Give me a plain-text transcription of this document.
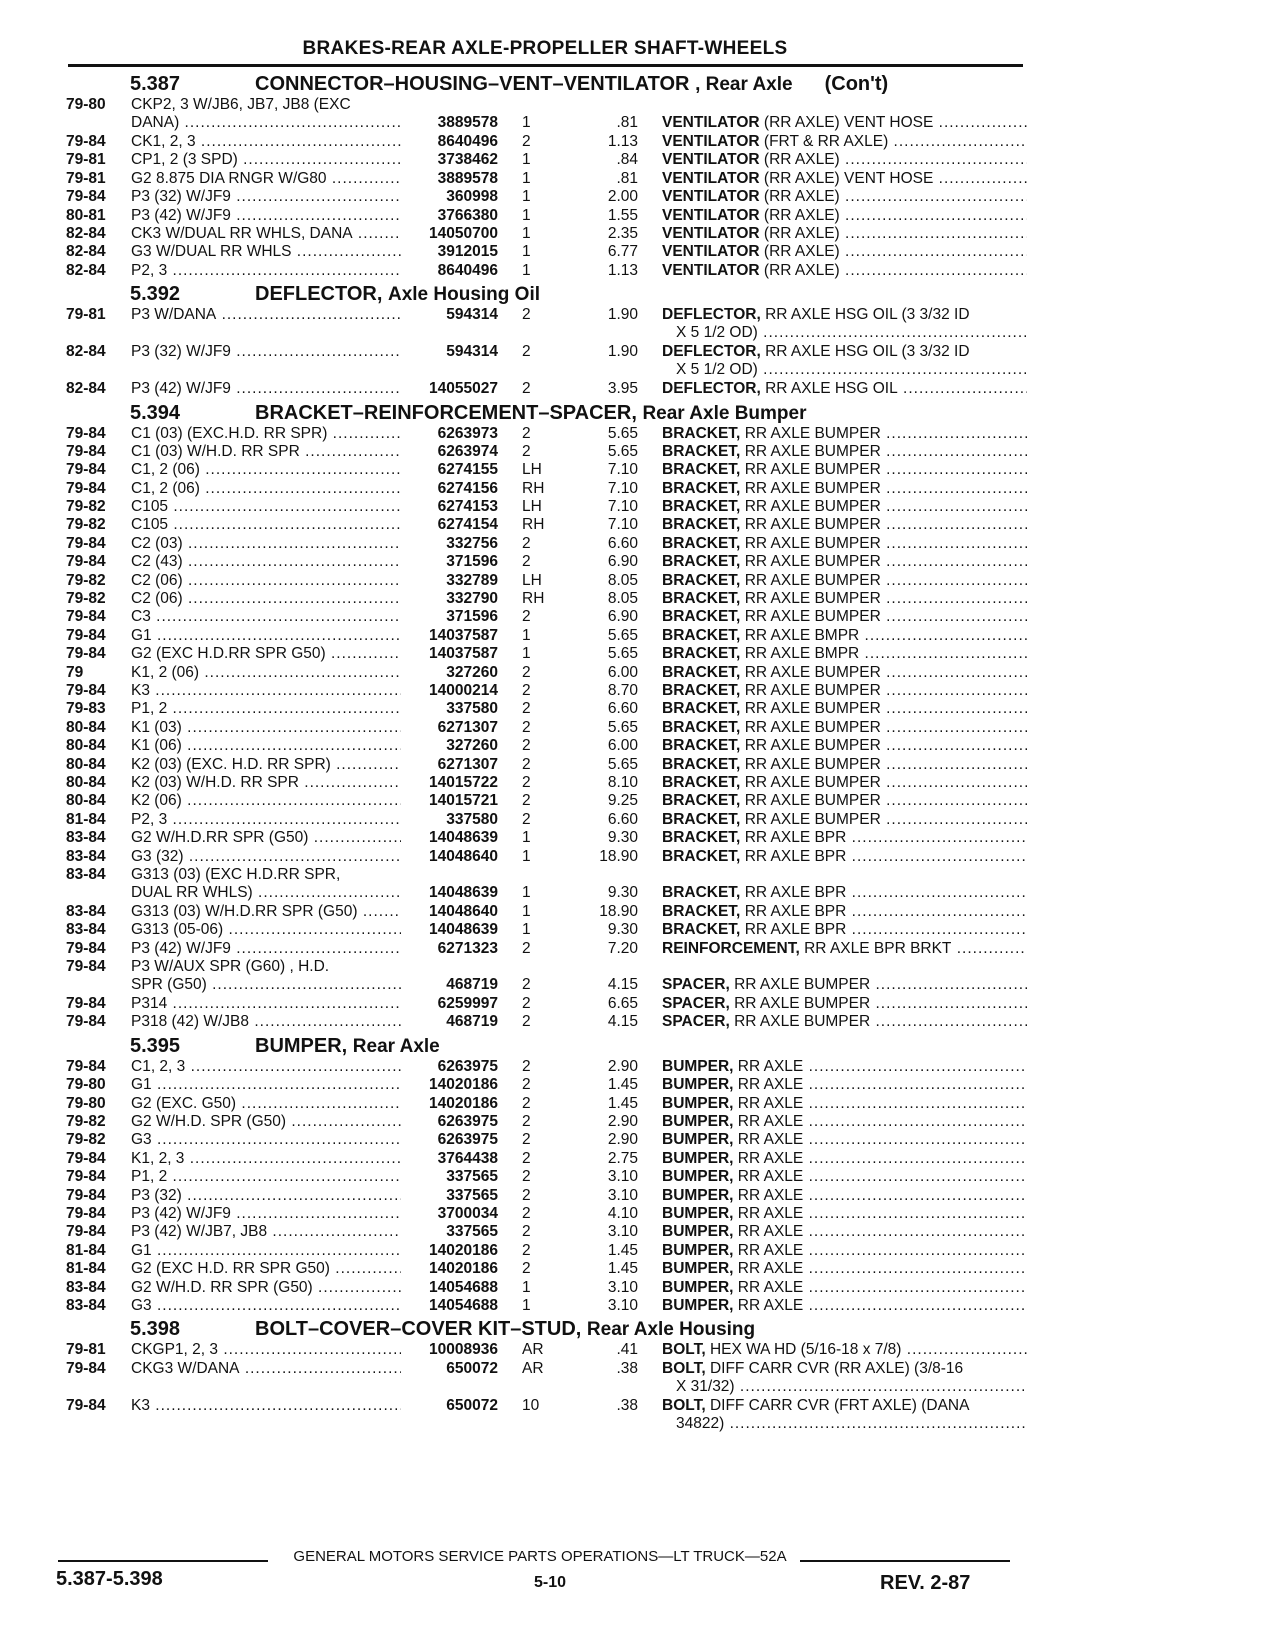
BRAKES-REAR AXLE-PROPELLER SHAFT-WHEELS
5.387	CONNECTOR–HOUSING–VENT–VENTILATOR , Rear Axle (Con't)
79-80	CKP2, 3 W/JB6, JB7, JB8 (EXC
DANA) .....	3889578 1	.81 VENTILATOR (RR AXLE) VENT HOSE .....
79-84	CK1, 2, 3 .....	8640496 2	1.13 VENTILATOR (FRT & RR AXLE) .....
79-81	CP1, 2 (3 SPD) .....	3738462 1	.84 VENTILATOR (RR AXLE) .....
79-81	G2 8.875 DIA RNGR W/G80 .....	3889578 1	.81 VENTILATOR (RR AXLE) VENT HOSE .....
79-84	P3 (32) W/JF9 .....	360998 1	2.00 VENTILATOR (RR AXLE) .....
80-81	P3 (42) W/JF9 .....	3766380 1	1.55 VENTILATOR (RR AXLE) .....
82-84	CK3 W/DUAL RR WHLS, DANA .....	14050700 1	2.35 VENTILATOR (RR AXLE) .....
82-84	G3 W/DUAL RR WHLS .....	3912015 1	6.77 VENTILATOR (RR AXLE) .....
82-84	P2, 3 .....	8640496 1	1.13 VENTILATOR (RR AXLE) .....
5.392	DEFLECTOR, Axle Housing Oil
79-81	P3 W/DANA .....	594314 2	1.90 DEFLECTOR, RR AXLE HSG OIL (3 3/32 ID
X 5 1/2 OD) .....
82-84	P3 (32) W/JF9 .....	594314 2	1.90 DEFLECTOR, RR AXLE HSG OIL (3 3/32 ID
X 5 1/2 OD) .....
82-84	P3 (42) W/JF9 .....	14055027 2	3.95 DEFLECTOR, RR AXLE HSG OIL .....
5.394	BRACKET–REINFORCEMENT–SPACER, Rear Axle Bumper
79-84	C1 (03) (EXC.H.D. RR SPR) .....	6263973 2	5.65 BRACKET, RR AXLE BUMPER .....
79-84	C1 (03) W/H.D. RR SPR .....	6263974 2	5.65 BRACKET, RR AXLE BUMPER .....
79-84	C1, 2 (06) .....	6274155 LH	7.10 BRACKET, RR AXLE BUMPER .....
79-84	C1, 2 (06) .....	6274156 RH	7.10 BRACKET, RR AXLE BUMPER .....
79-82	C105 .....	6274153 LH	7.10 BRACKET, RR AXLE BUMPER .....
79-82	C105 .....	6274154 RH	7.10 BRACKET, RR AXLE BUMPER .....
79-84	C2 (03) .....	332756 2	6.60 BRACKET, RR AXLE BUMPER .....
79-84	C2 (43) .....	371596 2	6.90 BRACKET, RR AXLE BUMPER .....
79-82	C2 (06) .....	332789 LH	8.05 BRACKET, RR AXLE BUMPER .....
79-82	C2 (06) .....	332790 RH	8.05 BRACKET, RR AXLE BUMPER .....
79-84	C3 .....	371596 2	6.90 BRACKET, RR AXLE BUMPER .....
79-84	G1 .....	14037587 1	5.65 BRACKET, RR AXLE BMPR .....
79-84	G2 (EXC H.D.RR SPR G50) .....	14037587 1	5.65 BRACKET, RR AXLE BMPR .....
79	K1, 2 (06) .....	327260 2	6.00 BRACKET, RR AXLE BUMPER .....
79-84	K3 .....	14000214 2	8.70 BRACKET, RR AXLE BUMPER .....
79-83	P1, 2 .....	337580 2	6.60 BRACKET, RR AXLE BUMPER .....
80-84	K1 (03) .....	6271307 2	5.65 BRACKET, RR AXLE BUMPER .....
80-84	K1 (06) .....	327260 2	6.00 BRACKET, RR AXLE BUMPER .....
80-84	K2 (03) (EXC. H.D. RR SPR) .....	6271307 2	5.65 BRACKET, RR AXLE BUMPER .....
80-84	K2 (03) W/H.D. RR SPR .....	14015722 2	8.10 BRACKET, RR AXLE BUMPER .....
80-84	K2 (06) .....	14015721 2	9.25 BRACKET, RR AXLE BUMPER .....
81-84	P2, 3 .....	337580 2	6.60 BRACKET, RR AXLE BUMPER .....
83-84	G2 W/H.D.RR SPR (G50) .....	14048639 1	9.30 BRACKET, RR AXLE BPR .....
83-84	G3 (32) .....	14048640 1	18.90 BRACKET, RR AXLE BPR .....
83-84	G313 (03) (EXC H.D.RR SPR,
DUAL RR WHLS) .....	14048639 1	9.30 BRACKET, RR AXLE BPR .....
83-84	G313 (03) W/H.D.RR SPR (G50) .....	14048640 1	18.90 BRACKET, RR AXLE BPR .....
83-84	G313 (05-06) .....	14048639 1	9.30 BRACKET, RR AXLE BPR .....
79-84	P3 (42) W/JF9 .....	6271323 2	7.20 REINFORCEMENT, RR AXLE BPR BRKT .....
79-84	P3 W/AUX SPR (G60) , H.D.
SPR (G50) .....	468719 2	4.15 SPACER, RR AXLE BUMPER .....
79-84	P314 .....	6259997 2	6.65 SPACER, RR AXLE BUMPER .....
79-84	P318 (42) W/JB8 .....	468719 2	4.15 SPACER, RR AXLE BUMPER .....
5.395	BUMPER, Rear Axle
79-84	C1, 2, 3 .....	6263975 2	2.90 BUMPER, RR AXLE .....
79-80	G1 .....	14020186 2	1.45 BUMPER, RR AXLE .....
79-80	G2 (EXC. G50) .....	14020186 2	1.45 BUMPER, RR AXLE .....
79-82	G2 W/H.D. SPR (G50) .....	6263975 2	2.90 BUMPER, RR AXLE .....
79-82	G3 .....	6263975 2	2.90 BUMPER, RR AXLE .....
79-84	K1, 2, 3 .....	3764438 2	2.75 BUMPER, RR AXLE .....
79-84	P1, 2 .....	337565 2	3.10 BUMPER, RR AXLE .....
79-84	P3 (32) .....	337565 2	3.10 BUMPER, RR AXLE .....
79-84	P3 (42) W/JF9 .....	3700034 2	4.10 BUMPER, RR AXLE .....
79-84	P3 (42) W/JB7, JB8 .....	337565 2	3.10 BUMPER, RR AXLE .....
81-84	G1 .....	14020186 2	1.45 BUMPER, RR AXLE .....
81-84	G2 (EXC H.D. RR SPR G50) .....	14020186 2	1.45 BUMPER, RR AXLE .....
83-84	G2 W/H.D. RR SPR (G50) .....	14054688 1	3.10 BUMPER, RR AXLE .....
83-84	G3 .....	14054688 1	3.10 BUMPER, RR AXLE .....
5.398	BOLT–COVER–COVER KIT–STUD, Rear Axle Housing
79-81	CKGP1, 2, 3 .....	10008936 AR	.41 BOLT, HEX WA HD (5/16-18 x 7/8) .....
79-84	CKG3 W/DANA .....	650072 AR	.38 BOLT, DIFF CARR CVR (RR AXLE) (3/8-16
X 31/32) .....
79-84	K3 .....	650072 10	.38 BOLT, DIFF CARR CVR (FRT AXLE) (DANA
34822) .....
GENERAL MOTORS SERVICE PARTS OPERATIONS—LT TRUCK—52A
5.387-5.398	5-10	REV. 2-87
